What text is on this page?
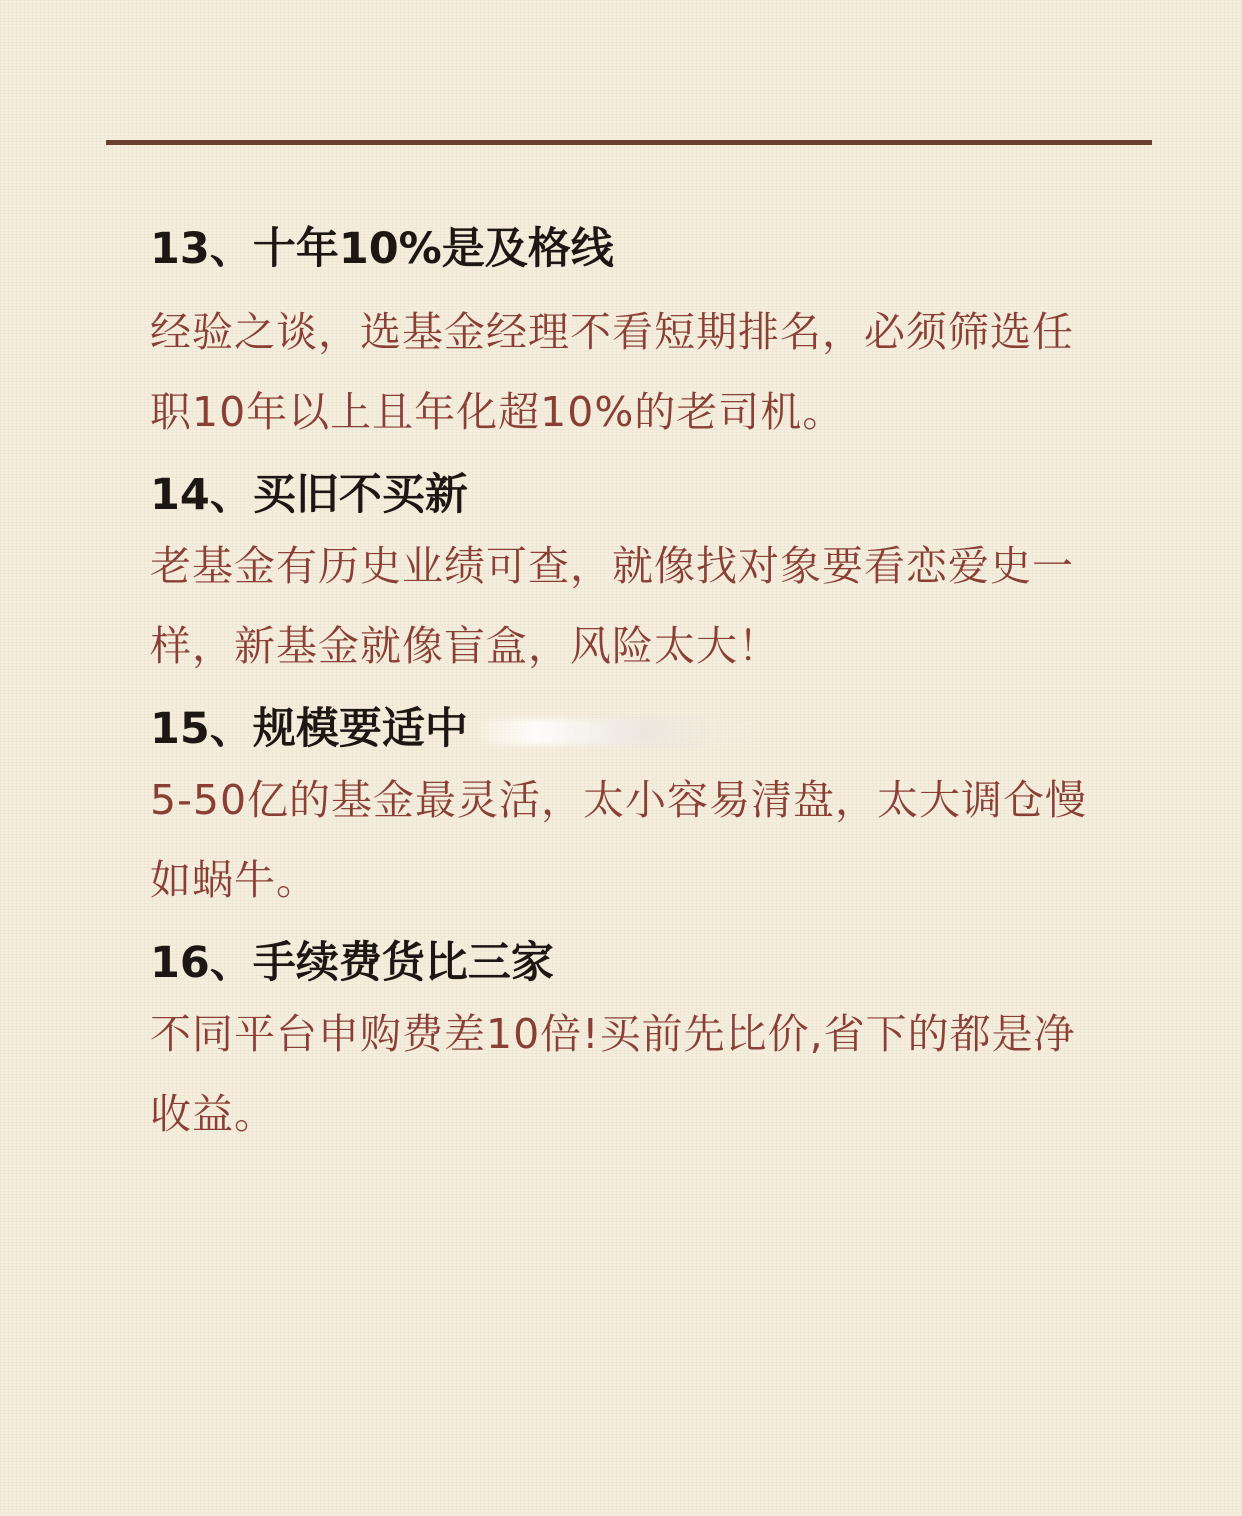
13、十年10%是及格线

经验之谈，选基金经理不看短期排名，必须筛选任职10年以上且年化超10%的老司机。

14、买旧不买新

老基金有历史业绩可查，就像找对象要看恋爱史一样，新基金就像盲盒，风险太大！

15、规模要适中

5-50亿的基金最灵活，太小容易清盘，太大调仓慢如蜗牛。

16、手续费货比三家

不同平台申购费差10倍!买前先比价,省下的都是净收益。
